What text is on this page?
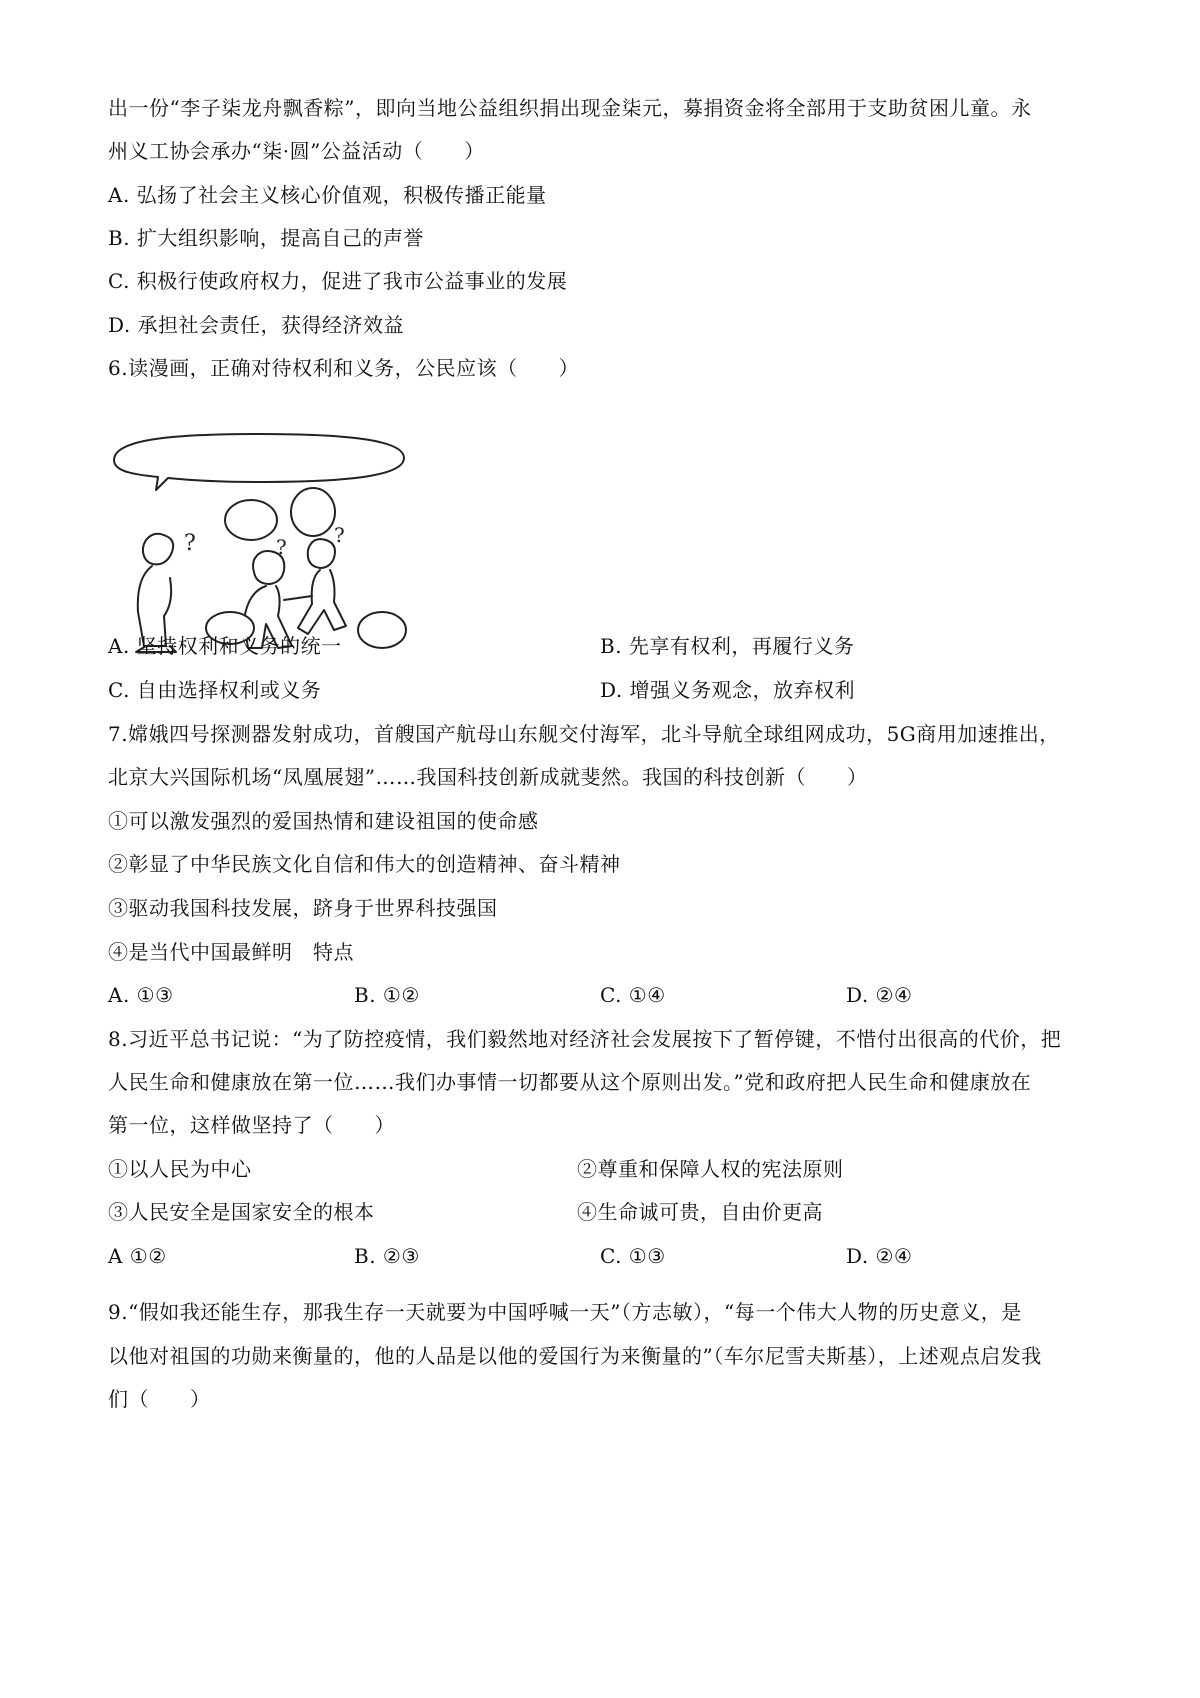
出一份“李子柒龙舟飘香粽”，即向当地公益组织捐出现金柒元，募捐资金将全部用于支助贫困儿童。永
州义工协会承办“柒·圆”公益活动（　　）
A. 弘扬了社会主义核心价值观，积极传播正能量
B. 扩大组织影响，提高自己的声誉
C. 积极行使政府权力，促进了我市公益事业的发展
D. 承担社会责任，获得经济效益
6.读漫画，正确对待权利和义务，公民应该（　　）
?	? ?
A. 坚持权利和义务的统一	B. 先享有权利，再履行义务
C. 自由选择权利或义务	D. 增强义务观念，放弃权利
7.嫦娥四号探测器发射成功，首艘国产航母山东舰交付海军，北斗导航全球组网成功，5G商用加速推出，
北京大兴国际机场“凤凰展翅”……我国科技创新成就斐然。我国的科技创新（　　）
①可以激发强烈的爱国热情和建设祖国的使命感
②彰显了中华民族文化自信和伟大的创造精神、奋斗精神
③驱动我国科技发展，跻身于世界科技强国
④是当代中国最鲜明　特点
A. ①③	B. ①②	C. ①④	D. ②④
8.习近平总书记说：“为了防控疫情，我们毅然地对经济社会发展按下了暂停键，不惜付出很高的代价，把
人民生命和健康放在第一位……我们办事情一切都要从这个原则出发。”党和政府把人民生命和健康放在
第一位，这样做坚持了（　　）
①以人民为中心	②尊重和保障人权的宪法原则
③人民安全是国家安全的根本	④生命诚可贵，自由价更高
A ①②	B. ②③	C. ①③	D. ②④
9.“假如我还能生存，那我生存一天就要为中国呼喊一天”（方志敏），“每一个伟大人物的历史意义，是
以他对祖国的功勋来衡量的，他的人品是以他的爱国行为来衡量的”（车尔尼雪夫斯基），上述观点启发我
们（　　）
